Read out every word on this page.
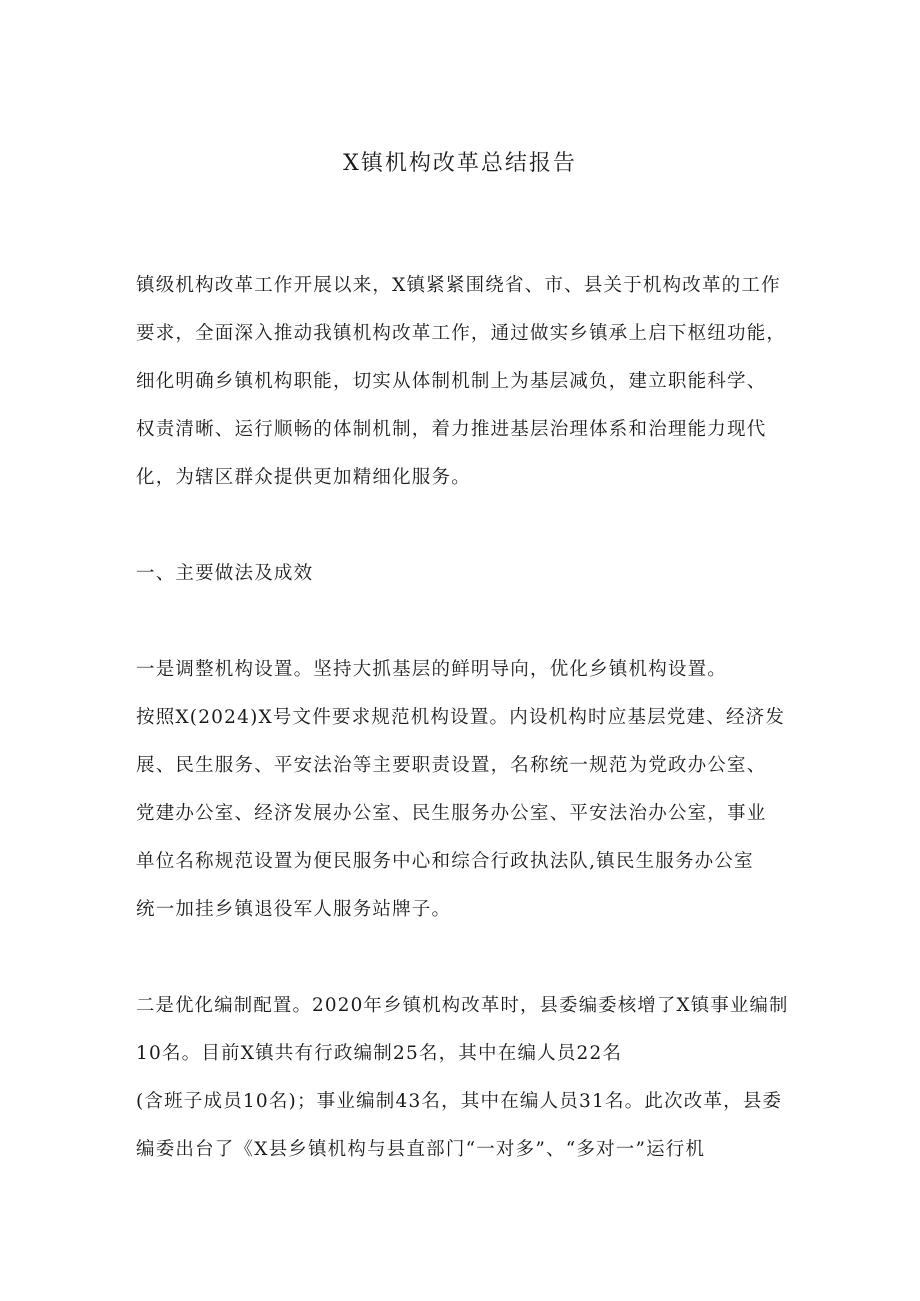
X镇机构改革总结报告

镇级机构改革工作开展以来，X镇紧紧围绕省、市、县关于机构改革的工作

要求，全面深入推动我镇机构改革工作，通过做实乡镇承上启下枢纽功能，

细化明确乡镇机构职能，切实从体制机制上为基层减负，建立职能科学、

权责清晰、运行顺畅的体制机制，着力推进基层治理体系和治理能力现代

化，为辖区群众提供更加精细化服务。

一、主要做法及成效

一是调整机构设置。坚持大抓基层的鲜明导向，优化乡镇机构设置。

按照X(2024)X号文件要求规范机构设置。内设机构时应基层党建、经济发

展、民生服务、平安法治等主要职责设置，名称统一规范为党政办公室、

党建办公室、经济发展办公室、民生服务办公室、平安法治办公室，事业

单位名称规范设置为便民服务中心和综合行政执法队,镇民生服务办公室

统一加挂乡镇退役军人服务站牌子。

二是优化编制配置。2020年乡镇机构改革时，县委编委核增了X镇事业编制

10名。目前X镇共有行政编制25名，其中在编人员22名

(含班子成员10名)；事业编制43名，其中在编人员31名。此次改革，县委

编委出台了《X县乡镇机构与县直部门“一对多”、“多对一”运行机
